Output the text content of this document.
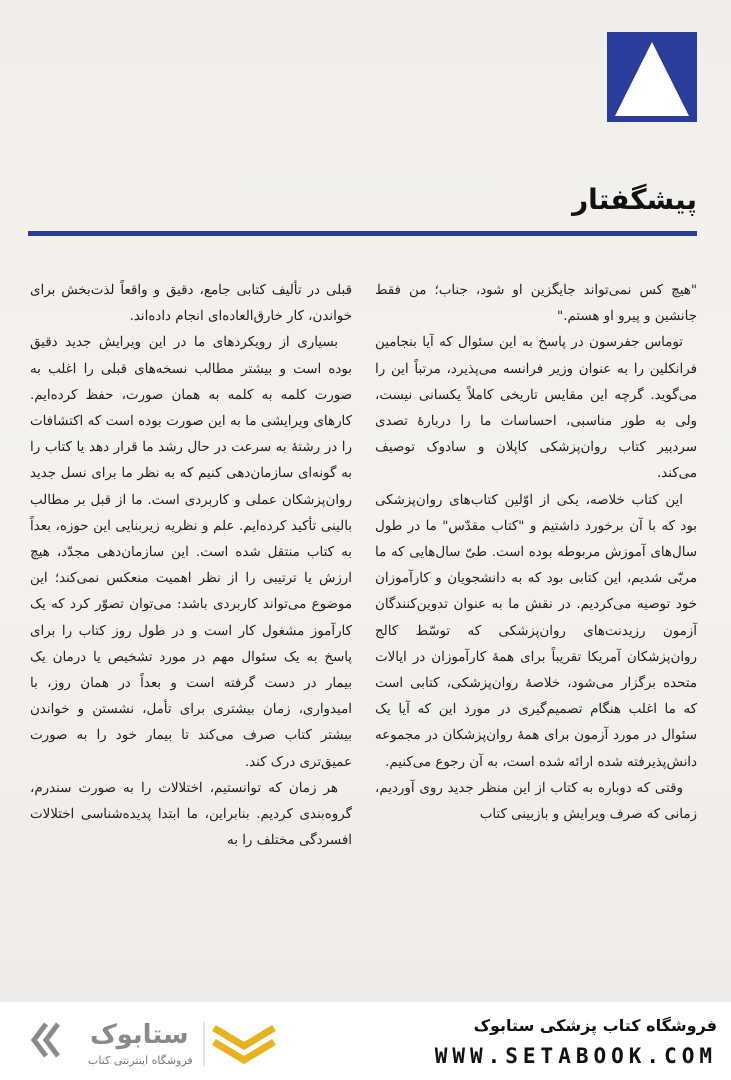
پیشگفتار

"هیچ کس نمی‌تواند جایگزین او شود، جناب؛ من فقط جانشین و پیرو او هستم."

توماس جفرسون در پاسخ به این سئوال که آیا بنجامین فرانکلین را به عنوان وزیر فرانسه می‌پذیرد، مرتباً این را می‌گوید. گرچه این مقایس تاریخی کاملاً یکسانی نیست، ولی به طور مناسبی، احساسات ما را دربارهٔ تصدی سردبیر کتاب روان‌پزشکی کاپلان و سادوک توصیف می‌کند.

این کتاب خلاصه، یکی از اوّلین کتاب‌های روان‌پزشکی بود که با آن برخورد داشتیم و "کتاب مقدّس" ما در طول سال‌های آموزش مربوطه بوده است. طیّ سال‌هایی که ما مربّی شدیم، این کتابی بود که به دانشجویان و کارآموزان خود توصیه می‌کردیم. در نقش ما به عنوان تدوین‌کنندگان آزمون رزیدنت‌های روان‌پزشکی که توسّط کالج روان‌پزشکان آمریکا تقریباً برای همهٔ کارآموزان در ایالات متحده برگزار می‌شود، خلاصهٔ روان‌پزشکی، کتابی است که ما اغلب هنگام تصمیم‌گیری در مورد این که آیا یک سئوال در مورد آزمون برای همهٔ روان‌پزشکان در مجموعه دانش‌پذیرفته شده ارائه شده است، به آن رجوع می‌کنیم.

وقتی که دوباره به کتاب از این منظر جدید روی آوردیم، زمانی که صرف ویرایش و بازبینی کتاب

قبلی در تألیف کتابی جامع، دقیق و واقعاً لذت‌بخش برای خواندن، کار خارق‌العاده‌ای انجام داده‌اند.

بسیاری از رویکردهای ما در این ویرایش جدید دقیق بوده است و بیشتر مطالب نسخه‌های قبلی را اغلب به صورت کلمه به کلمه به همان صورت، حفظ کرده‌ایم. کارهای ویرایشی ما به این صورت بوده است که اکتشافات را در رشتهٔ به سرعت در حال رشد ما قرار دهد یا کتاب را به گونه‌ای سازمان‌دهی کنیم که به نظر ما برای نسل جدید روان‌پزشکان عملی و کاربردی است. ما از قبل بر مطالب بالینی تأکید کرده‌ایم. علم و نظریه زیربنایی این حوزه، بعداً به کتاب منتقل شده است. این سازمان‌دهی مجدّد، هیچ ارزش یا ترتیبی را از نظر اهمیت منعکس نمی‌کند؛ این موضوع می‌تواند کاربردی باشد: می‌توان تصوّر کرد که یک کارآموز مشغول کار است و در طول روز کتاب را برای پاسخ به یک سئوال مهم در مورد تشخیص یا درمان یک بیمار در دست گرفته است و بعداً در همان روز، با امیدواری، زمان بیشتری برای تأمل، نشستن و خواندن بیشتر کتاب صرف می‌کند تا بیمار خود را به صورت عمیق‌تری درک کند.

هر زمان که توانستیم، اختلالات را به صورت سندرم، گروه‌بندی کردیم. بنابراین، ما ابتدا پدیده‌شناسی اختلالات افسردگی مختلف را به

ستابوک
فروشگاه اینترنتی کتاب
فروشگاه کتاب پزشکی ستابوک
WWW.SETABOOK.COM
